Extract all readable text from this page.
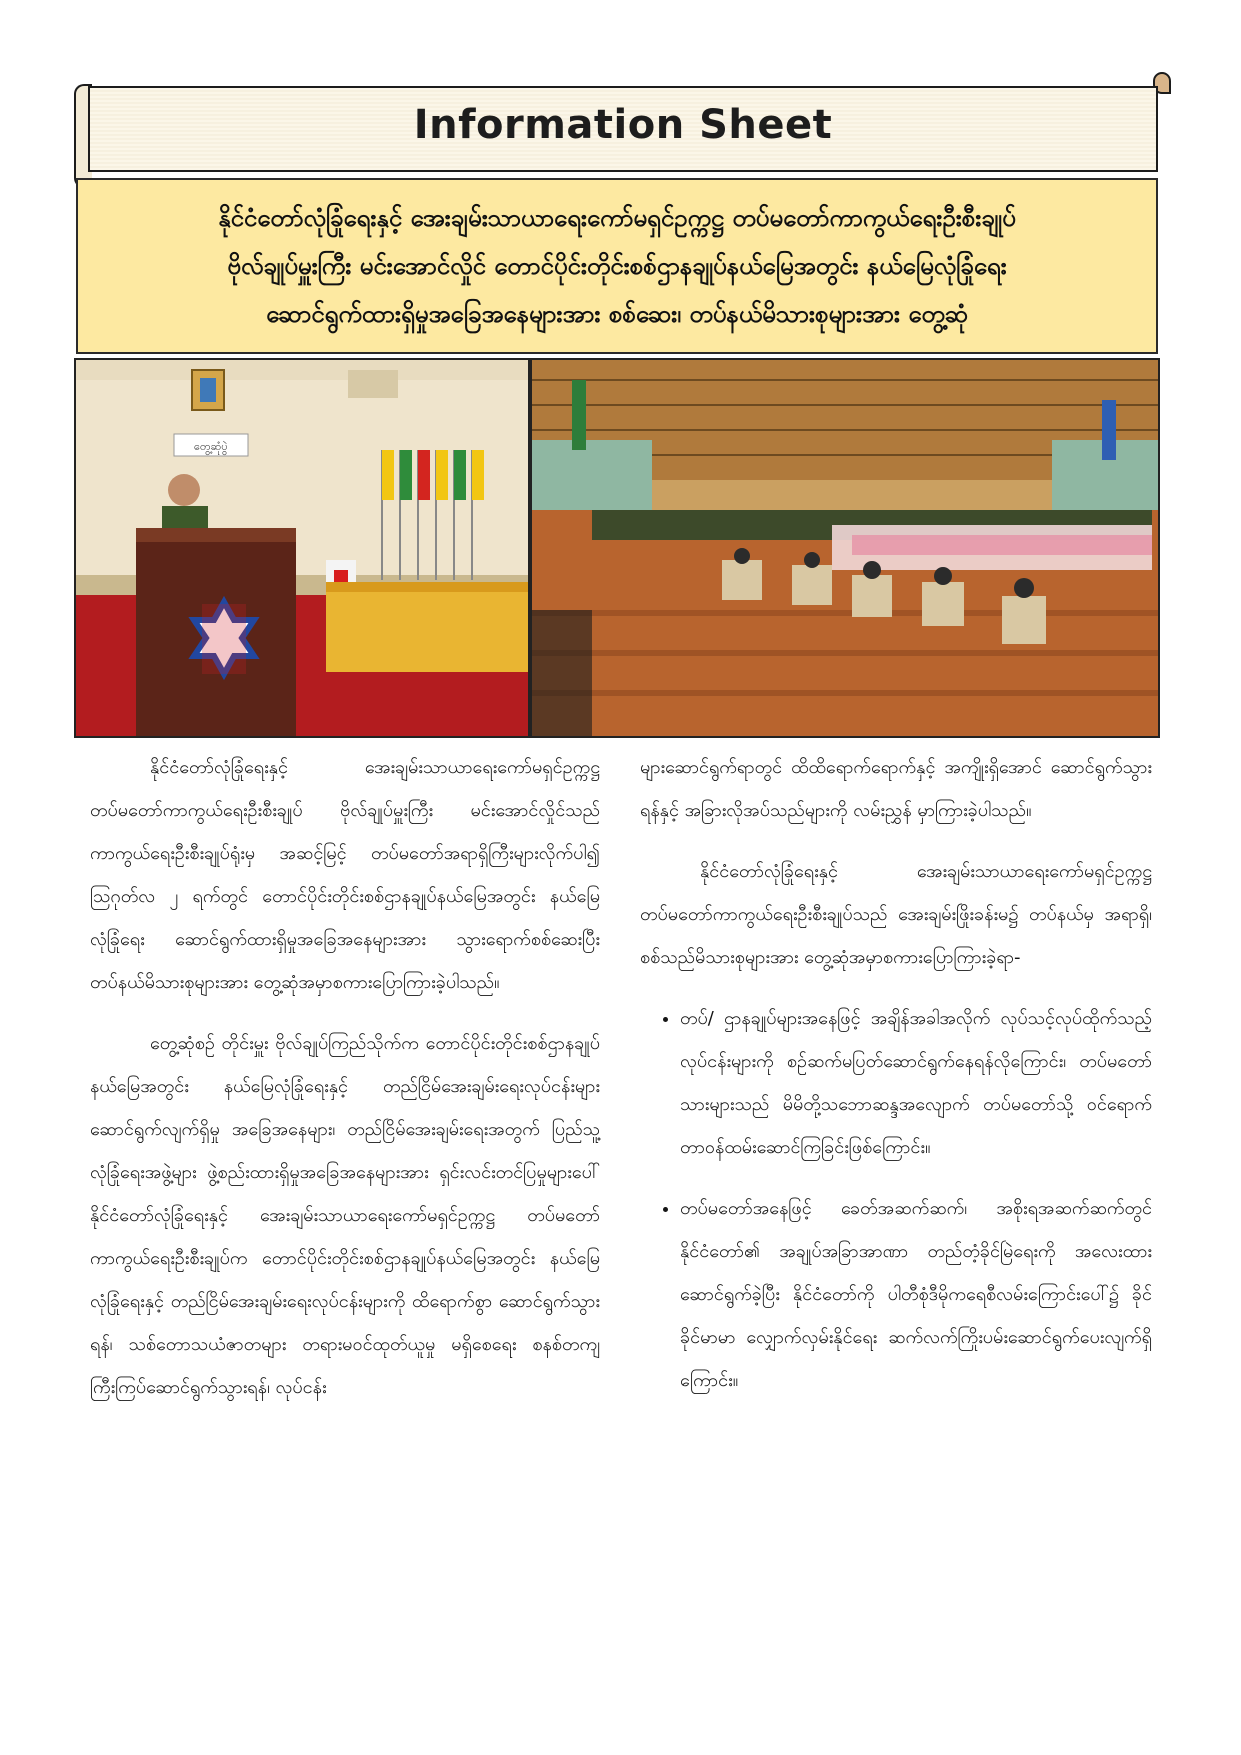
Information Sheet
နိုင်ငံတော်လုံခြုံရေးနှင့် အေးချမ်းသာယာရေးကော်မရှင်ဥက္ကဋ္ဌ တပ်မတော်ကာကွယ်ရေးဦးစီးချုပ်
ဗိုလ်ချုပ်မှူးကြီး မင်းအောင်လှိုင် တောင်ပိုင်းတိုင်းစစ်ဌာနချုပ်နယ်မြေအတွင်း နယ်မြေလုံခြုံရေး
ဆောင်ရွက်ထားရှိမှုအခြေအနေများအား စစ်ဆေး၊ တပ်နယ်မိသားစုများအား တွေ့ဆုံ
တွေ့ဆုံပွဲ

နိုင်ငံတော်လုံခြုံရေးနှင့် အေးချမ်းသာယာရေးကော်မရှင်ဥက္ကဋ္ဌ တပ်မတော်ကာကွယ်ရေးဦးစီးချုပ် ဗိုလ်ချုပ်မှူးကြီး မင်းအောင်လှိုင်သည် ကာကွယ်ရေးဦးစီးချုပ်ရုံးမှ အဆင့်မြင့် တပ်မတော်အရာရှိကြီးများလိုက်ပါ၍ ဩဂုတ်လ ၂ ရက်တွင် တောင်ပိုင်းတိုင်းစစ်ဌာနချုပ်နယ်မြေအတွင်း နယ်မြေလုံခြုံရေး ဆောင်ရွက်ထားရှိမှုအခြေအနေများအား သွားရောက်စစ်ဆေးပြီး တပ်နယ်မိသားစုများအား တွေ့ဆုံအမှာစကားပြောကြားခဲ့ပါသည်။

တွေ့ဆုံစဉ် တိုင်းမှူး ဗိုလ်ချုပ်ကြည်သိုက်က တောင်ပိုင်းတိုင်းစစ်ဌာနချုပ်နယ်မြေအတွင်း နယ်မြေလုံခြုံရေးနှင့် တည်ငြိမ်အေးချမ်းရေးလုပ်ငန်းများ ဆောင်ရွက်လျက်ရှိမှု အခြေအနေများ၊ တည်ငြိမ်အေးချမ်းရေးအတွက် ပြည်သူ့လုံခြုံရေးအဖွဲ့များ ဖွဲ့စည်းထားရှိမှုအခြေအနေများအား ရှင်းလင်းတင်ပြမှုများပေါ် နိုင်ငံတော်လုံခြုံရေးနှင့် အေးချမ်းသာယာရေးကော်မရှင်ဥက္ကဋ္ဌ တပ်မတော်ကာကွယ်ရေးဦးစီးချုပ်က တောင်ပိုင်းတိုင်းစစ်ဌာနချုပ်နယ်မြေအတွင်း နယ်မြေလုံခြုံရေးနှင့် တည်ငြိမ်အေးချမ်းရေးလုပ်ငန်းများကို ထိရောက်စွာ ဆောင်ရွက်သွားရန်၊ သစ်တောသယံဇာတများ တရားမဝင်ထုတ်ယူမှု မရှိစေရေး စနစ်တကျကြီးကြပ်ဆောင်ရွက်သွားရန်၊ လုပ်ငန်း

များဆောင်ရွက်ရာတွင် ထိထိရောက်ရောက်နှင့် အကျိုးရှိအောင် ဆောင်ရွက်သွားရန်နှင့် အခြားလိုအပ်သည်များကို လမ်းညွှန် မှာကြားခဲ့ပါသည်။

နိုင်ငံတော်လုံခြုံရေးနှင့် အေးချမ်းသာယာရေးကော်မရှင်ဥက္ကဋ္ဌ တပ်မတော်ကာကွယ်ရေးဦးစီးချုပ်သည် အေးချမ်းဖြိုးခန်းမ၌ တပ်နယ်မှ အရာရှိ၊ စစ်သည်မိသားစုများအား တွေ့ဆုံအမှာစကားပြောကြားခဲ့ရာ-

• တပ်/ ဌာနချုပ်များအနေဖြင့် အချိန်အခါအလိုက် လုပ်သင့်လုပ်ထိုက်သည့်လုပ်ငန်းများကို စဉ်ဆက်မပြတ်ဆောင်ရွက်နေရန်လိုကြောင်း၊ တပ်မတော်သားများသည် မိမိတို့သဘောဆန္ဒအလျောက် တပ်မတော်သို့ ဝင်ရောက်တာဝန်ထမ်းဆောင်ကြခြင်းဖြစ်ကြောင်း။
• တပ်မတော်အနေဖြင့် ခေတ်အဆက်ဆက်၊ အစိုးရအဆက်ဆက်တွင် နိုင်ငံတော်၏ အချုပ်အခြာအာဏာ တည်တံ့ခိုင်မြဲရေးကို အလေးထားဆောင်ရွက်ခဲ့ပြီး နိုင်ငံတော်ကို ပါတီစုံဒီမိုကရေစီလမ်းကြောင်းပေါ်၌ ခိုင်ခိုင်မာမာ လျှောက်လှမ်းနိုင်ရေး ဆက်လက်ကြိုးပမ်းဆောင်ရွက်ပေးလျက်ရှိကြောင်း။
